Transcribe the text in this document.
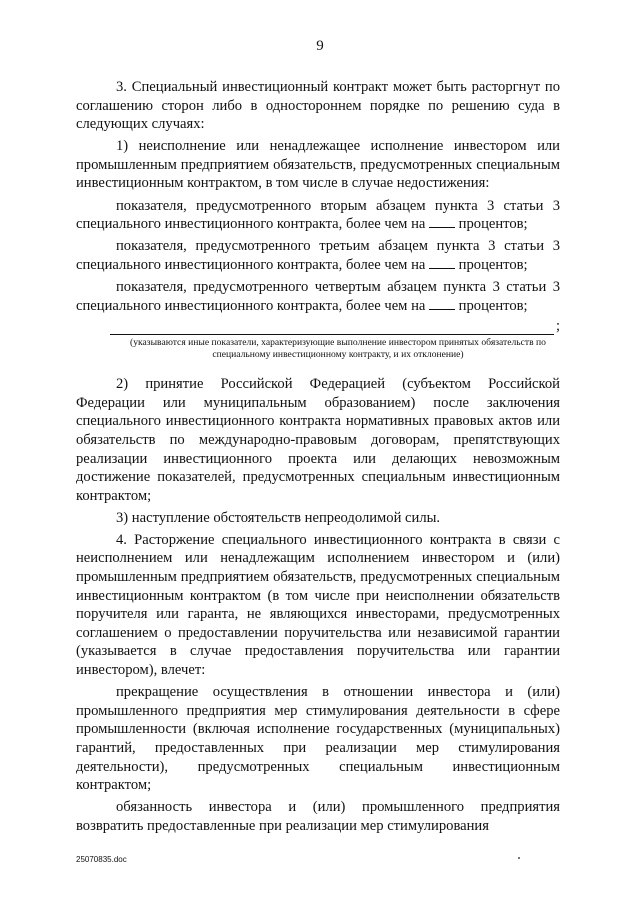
9
3. Специальный инвестиционный контракт может быть расторгнут по соглашению сторон либо в одностороннем порядке по решению суда в следующих случаях:
1) неисполнение или ненадлежащее исполнение инвестором или промышленным предприятием обязательств, предусмотренных специальным инвестиционным контрактом, в том числе в случае недостижения:
показателя, предусмотренного вторым абзацем пункта 3 статьи 3 специального инвестиционного контракта, более чем на  процентов;
показателя, предусмотренного третьим абзацем пункта 3 статьи 3 специального инвестиционного контракта, более чем на  процентов;
показателя, предусмотренного четвертым абзацем пункта 3 статьи 3 специального инвестиционного контракта, более чем на  процентов;
;
(указываются иные показатели, характеризующие выполнение инвестором принятых обязательств по специальному инвестиционному контракту, и их отклонение)
2) принятие Российской Федерацией (субъектом Российской Федерации или муниципальным образованием) после заключения специального инвестиционного контракта нормативных правовых актов или обязательств по международно-правовым договорам, препятствующих реализации инвестиционного проекта или делающих невозможным достижение показателей, предусмотренных специальным инвестиционным контрактом;
3) наступление обстоятельств непреодолимой силы.
4. Расторжение специального инвестиционного контракта в связи с неисполнением или ненадлежащим исполнением инвестором и (или) промышленным предприятием обязательств, предусмотренных специальным инвестиционным контрактом (в том числе при неисполнении обязательств поручителя или гаранта, не являющихся инвесторами, предусмотренных соглашением о предоставлении поручительства или независимой гарантии (указывается в случае предоставления поручительства или гарантии инвестором), влечет:
прекращение осуществления в отношении инвестора и (или) промышленного предприятия мер стимулирования деятельности в сфере промышленности (включая исполнение государственных (муниципальных) гарантий, предоставленных при реализации мер стимулирования деятельности), предусмотренных специальным инвестиционным контрактом;
обязанность инвестора и (или) промышленного предприятия возвратить предоставленные при реализации мер стимулирования
25070835.doc
